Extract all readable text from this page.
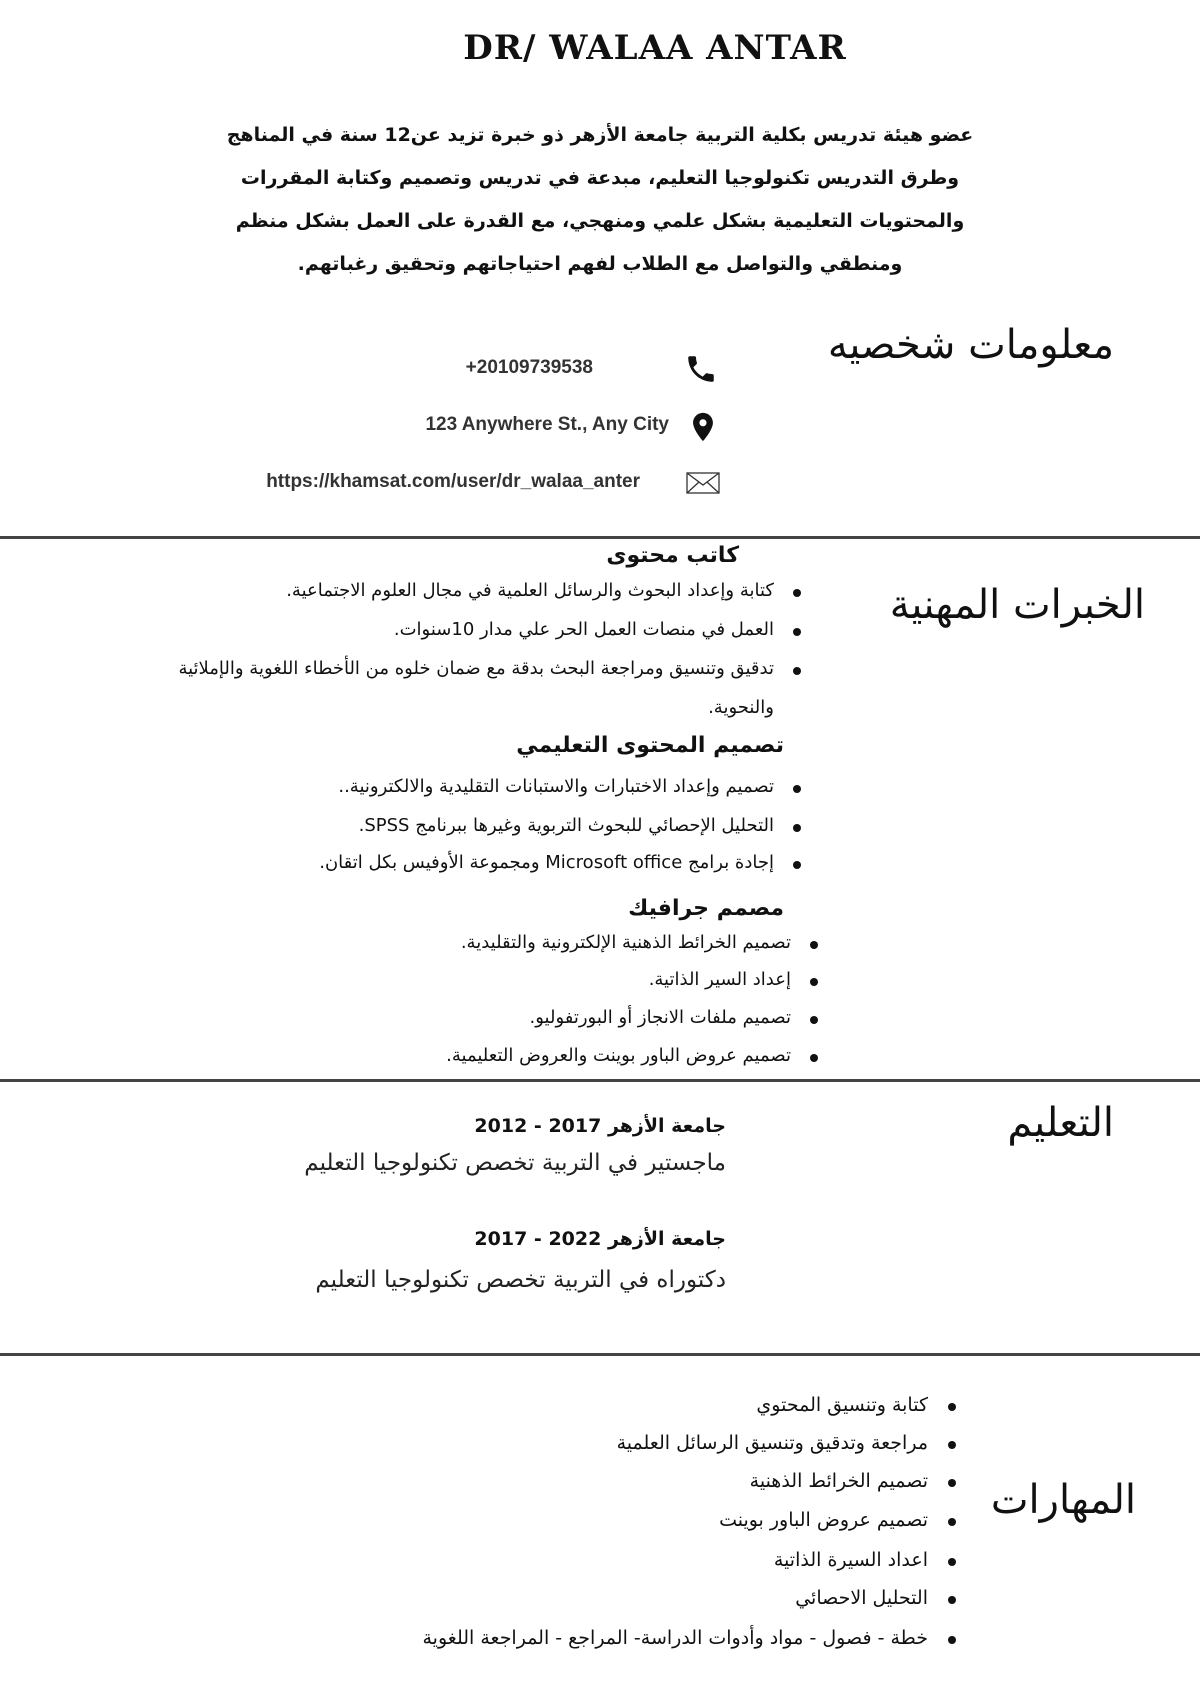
DR/ WALAA ANTAR
عضو هيئة تدريس بكلية التربية جامعة الأزهر ذو خبرة تزيد عن12 سنة في المناهج
وطرق التدريس تكنولوجيا التعليم، مبدعة في تدريس وتصميم وكتابة المقررات
والمحتويات التعليمية بشكل علمي ومنهجي، مع القدرة على العمل بشكل منظم
ومنطقي والتواصل مع الطلاب لفهم احتياجاتهم وتحقيق رغباتهم.
معلومات شخصيه
+20109739538
123 Anywhere St., Any City
https://khamsat.com/user/dr_walaa_anter
الخبرات المهنية
كاتب محتوى
كتابة وإعداد البحوث والرسائل العلمية في مجال العلوم الاجتماعية.
العمل في منصات العمل الحر علي مدار 10سنوات.
تدقيق وتنسيق ومراجعة البحث بدقة مع ضمان خلوه من الأخطاء اللغوية والإملائية
والنحوية.
تصميم المحتوى التعليمي
تصميم وإعداد الاختبارات والاستبانات التقليدية والالكترونية..
التحليل الإحصائي للبحوث التربوية وغيرها ببرنامج SPSS.
إجادة برامج Microsoft office ومجموعة الأوفيس بكل اتقان.
مصمم جرافيك
تصميم الخرائط الذهنية الإلكترونية والتقليدية.
إعداد السير الذاتية.
تصميم ملفات الانجاز أو البورتفوليو.
تصميم عروض الباور بوينت والعروض التعليمية.
التعليم
جامعة الأزهر 2017 - 2012
ماجستير في التربية تخصص تكنولوجيا التعليم
جامعة الأزهر 2022 - 2017
دكتوراه في التربية تخصص تكنولوجيا التعليم
المهارات
كتابة وتنسيق المحتوي
مراجعة وتدقيق وتنسيق الرسائل العلمية
تصميم الخرائط الذهنية
تصميم عروض الباور بوينت
اعداد السيرة الذاتية
التحليل الاحصائي
خطة - فصول - مواد وأدوات الدراسة- المراجع - المراجعة اللغوية
